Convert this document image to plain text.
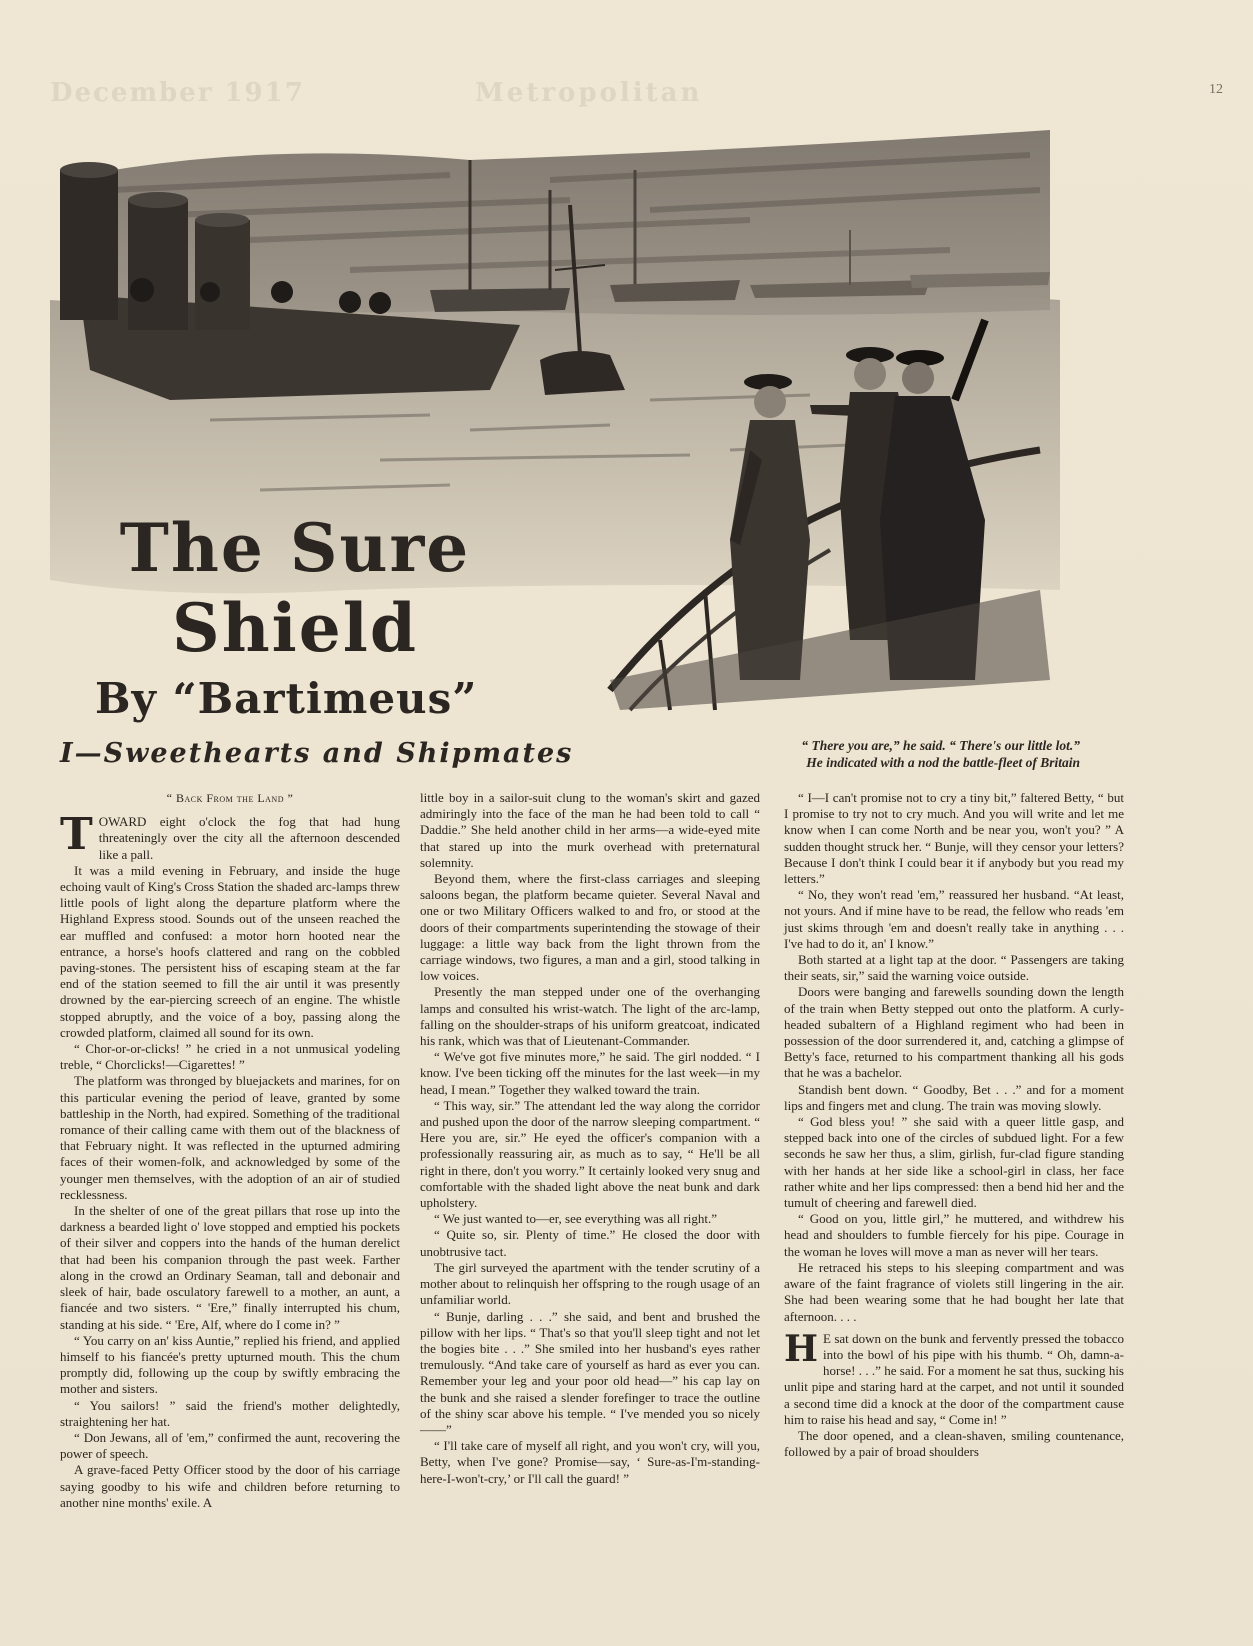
December 1917	Metropolitan	12
The Sure
Shield
By “Bartimeus”
I—Sweethearts and Shipmates	“ There you are,” he said. “ There's our little lot.”
He indicated with a nod the battle-fleet of Britain
“ Back From the Land ”

TOWARD eight o'clock the fog that had hung threateningly over the city all the afternoon descended like a pall.

It was a mild evening in February, and inside the huge echoing vault of King's Cross Station the shaded arc-lamps threw little pools of light along the departure platform where the Highland Express stood. Sounds out of the unseen reached the ear muffled and confused: a motor horn hooted near the entrance, a horse's hoofs clattered and rang on the cobbled paving-stones. The persistent hiss of escaping steam at the far end of the station seemed to fill the air until it was presently drowned by the ear-piercing screech of an engine. The whistle stopped abruptly, and the voice of a boy, passing along the crowded platform, claimed all sound for its own.

“ Chor-or-or-clicks! ” he cried in a not unmusical yodeling treble, “ Chorclicks!—Cigarettes! ”

The platform was thronged by bluejackets and marines, for on this particular evening the period of leave, granted by some battleship in the North, had expired. Something of the traditional romance of their calling came with them out of the blackness of that February night. It was reflected in the upturned admiring faces of their women-folk, and acknowledged by some of the younger men themselves, with the adoption of an air of studied recklessness.

In the shelter of one of the great pillars that rose up into the darkness a bearded light o' love stopped and emptied his pockets of their silver and coppers into the hands of the human derelict that had been his companion through the past week. Farther along in the crowd an Ordinary Seaman, tall and debonair and sleek of hair, bade osculatory farewell to a mother, an aunt, a fiancée and two sisters. “ 'Ere,” finally interrupted his chum, standing at his side. “ 'Ere, Alf, where do I come in? ”

“ You carry on an' kiss Auntie,” replied his friend, and applied himself to his fiancée's pretty upturned mouth. This the chum promptly did, following up the coup by swiftly embracing the mother and sisters.

“ You sailors! ” said the friend's mother delightedly, straightening her hat.

“ Don Jewans, all of 'em,” confirmed the aunt, recovering the power of speech.

A grave-faced Petty Officer stood by the door of his carriage saying goodby to his wife and children before returning to another nine months' exile. A

little boy in a sailor-suit clung to the woman's skirt and gazed admiringly into the face of the man he had been told to call “ Daddie.” She held another child in her arms—a wide-eyed mite that stared up into the murk overhead with preternatural solemnity.

Beyond them, where the first-class carriages and sleeping saloons began, the platform became quieter. Several Naval and one or two Military Officers walked to and fro, or stood at the doors of their compartments superintending the stowage of their luggage: a little way back from the light thrown from the carriage windows, two figures, a man and a girl, stood talking in low voices.

Presently the man stepped under one of the overhanging lamps and consulted his wrist-watch. The light of the arc-lamp, falling on the shoulder-straps of his uniform greatcoat, indicated his rank, which was that of Lieutenant-Commander.

“ We've got five minutes more,” he said. The girl nodded. “ I know. I've been ticking off the minutes for the last week—in my head, I mean.” Together they walked toward the train.

“ This way, sir.” The attendant led the way along the corridor and pushed upon the door of the narrow sleeping compartment. “ Here you are, sir.” He eyed the officer's companion with a professionally reassuring air, as much as to say, “ He'll be all right in there, don't you worry.” It certainly looked very snug and comfortable with the shaded light above the neat bunk and dark upholstery.

“ We just wanted to—er, see everything was all right.”

“ Quite so, sir. Plenty of time.” He closed the door with unobtrusive tact.

The girl surveyed the apartment with the tender scrutiny of a mother about to relinquish her offspring to the rough usage of an unfamiliar world.

“ Bunje, darling . . .” she said, and bent and brushed the pillow with her lips. “ That's so that you'll sleep tight and not let the bogies bite . . .” She smiled into her husband's eyes rather tremulously. “And take care of yourself as hard as ever you can. Remember your leg and your poor old head—” his cap lay on the bunk and she raised a slender forefinger to trace the outline of the shiny scar above his temple. “ I've mended you so nicely——”

“ I'll take care of myself all right, and you won't cry, will you, Betty, when I've gone? Promise—say, ‘ Sure-as-I'm-standing-here-I-won't-cry,’ or I'll call the guard! ”

“ I—I can't promise not to cry a tiny bit,” faltered Betty, “ but I promise to try not to cry much. And you will write and let me know when I can come North and be near you, won't you? ” A sudden thought struck her. “ Bunje, will they censor your letters? Because I don't think I could bear it if anybody but you read my letters.”

“ No, they won't read 'em,” reassured her husband. “At least, not yours. And if mine have to be read, the fellow who reads 'em just skims through 'em and doesn't really take in anything . . . I've had to do it, an' I know.”

Both started at a light tap at the door. “ Passengers are taking their seats, sir,” said the warning voice outside.

Doors were banging and farewells sounding down the length of the train when Betty stepped out onto the platform. A curly-headed subaltern of a Highland regiment who had been in possession of the door surrendered it, and, catching a glimpse of Betty's face, returned to his compartment thanking all his gods that he was a bachelor.

Standish bent down. “ Goodby, Bet . . .” and for a moment lips and fingers met and clung. The train was moving slowly.

“ God bless you! ” she said with a queer little gasp, and stepped back into one of the circles of subdued light. For a few seconds he saw her thus, a slim, girlish, fur-clad figure standing with her hands at her side like a school-girl in class, her face rather white and her lips compressed: then a bend hid her and the tumult of cheering and farewell died.

“ Good on you, little girl,” he muttered, and withdrew his head and shoulders to fumble fiercely for his pipe. Courage in the woman he loves will move a man as never will her tears.

He retraced his steps to his sleeping compartment and was aware of the faint fragrance of violets still lingering in the air. She had been wearing some that he had bought her late that afternoon. . . .

H E sat down on the bunk and fervently pressed the tobacco into the bowl of his pipe with his thumb. “ Oh, damn-a-horse! . . .” he said. For a moment he sat thus, sucking his unlit pipe and staring hard at the carpet, and not until it sounded a second time did a knock at the door of the compartment cause him to raise his head and say, “ Come in! ”

The door opened, and a clean-shaven, smiling countenance, followed by a pair of broad shoulders
